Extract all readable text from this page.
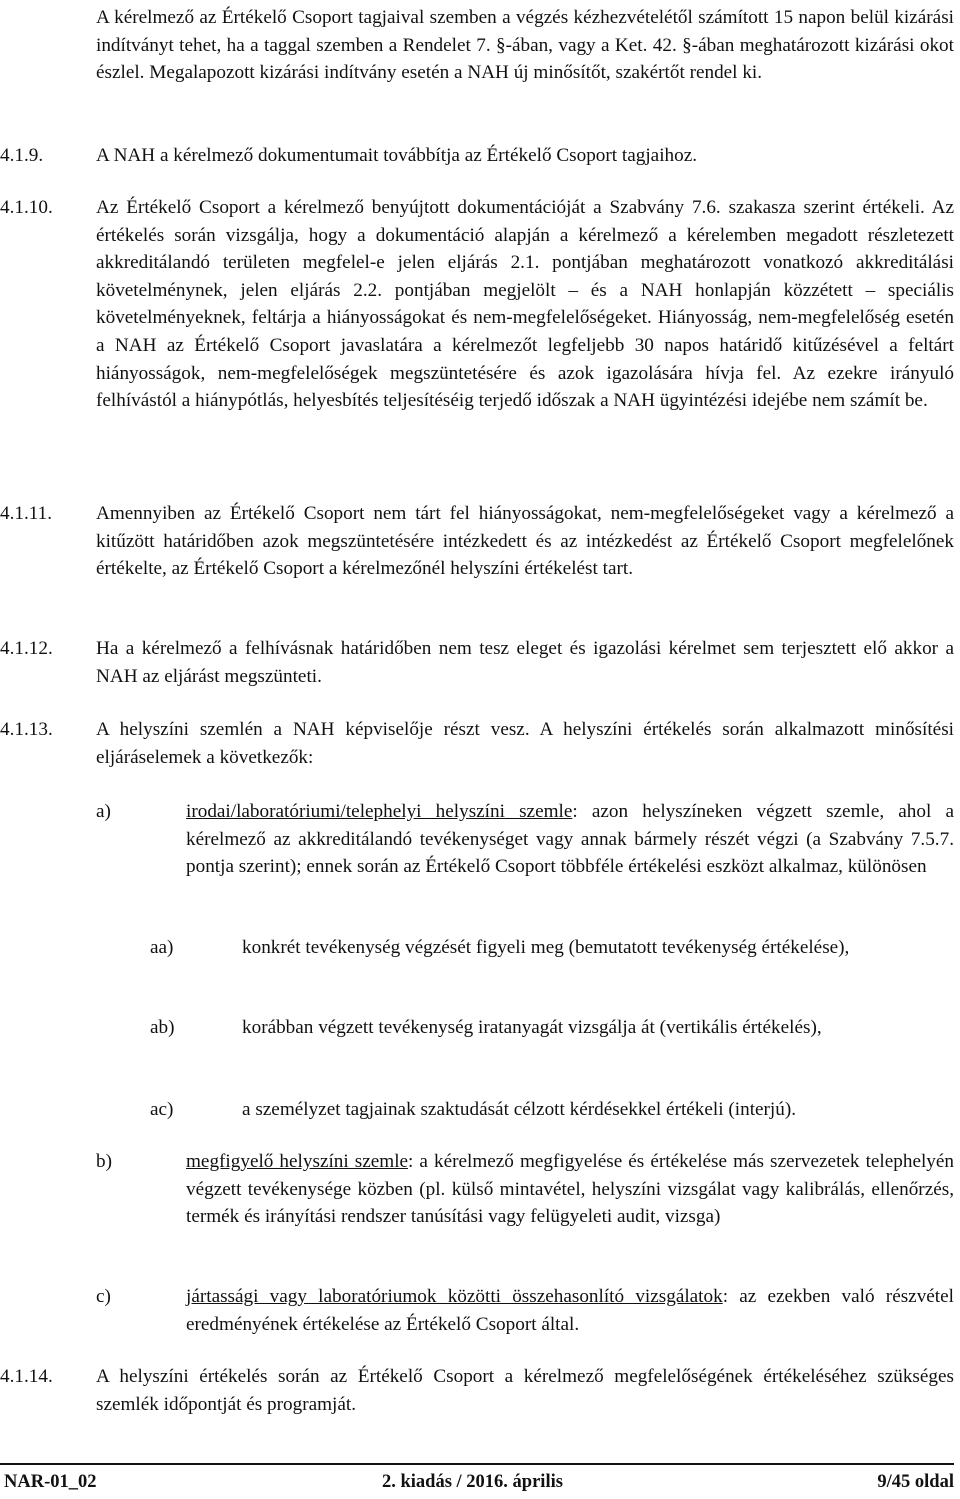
A kérelmező az Értékelő Csoport tagjaival szemben a végzés kézhezvételétől számított 15 napon belül kizárási indítványt tehet, ha a taggal szemben a Rendelet 7. §-ában, vagy a Ket. 42. §-ában meghatározott kizárási okot észlel. Megalapozott kizárási indítvány esetén a NAH új minősítőt, szakértőt rendel ki.
4.1.9.	A NAH a kérelmező dokumentumait továbbítja az Értékelő Csoport tagjaihoz.
4.1.10. Az Értékelő Csoport a kérelmező benyújtott dokumentációját a Szabvány 7.6. szakasza szerint értékeli. Az értékelés során vizsgálja, hogy a dokumentáció alapján a kérelmező a kérelemben megadott részletezett akkreditálandó területen megfelel-e jelen eljárás 2.1. pontjában meghatározott vonatkozó akkreditálási követelménynek, jelen eljárás 2.2. pontjában megjelölt – és a NAH honlapján közzétett – speciális követelményeknek, feltárja a hiányosságokat és nem-megfelelőségeket. Hiányosság, nem-megfelelőség esetén a NAH az Értékelő Csoport javaslatára a kérelmezőt legfeljebb 30 napos határidő kitűzésével a feltárt hiányosságok, nem-megfelelőségek megszüntetésére és azok igazolására hívja fel. Az ezekre irányuló felhívástól a hiánypótlás, helyesbítés teljesítéséig terjedő időszak a NAH ügyintézési idejébe nem számít be.
4.1.11. Amennyiben az Értékelő Csoport nem tárt fel hiányosságokat, nem-megfelelőségeket vagy a kérelmező a kitűzött határidőben azok megszüntetésére intézkedett és az intézkedést az Értékelő Csoport megfelelőnek értékelte, az Értékelő Csoport a kérelmezőnél helyszíni értékelést tart.
4.1.12. Ha a kérelmező a felhívásnak határidőben nem tesz eleget és igazolási kérelmet sem terjesztett elő akkor a NAH az eljárást megszünteti.
4.1.13. A helyszíni szemlén a NAH képviselője részt vesz. A helyszíni értékelés során alkalmazott minősítési eljáráselemek a következők:
a)	irodai/laboratóriumi/telephelyi helyszíni szemle: azon helyszíneken végzett szemle, ahol a kérelmező az akkreditálandó tevékenységet vagy annak bármely részét végzi (a Szabvány 7.5.7. pontja szerint); ennek során az Értékelő Csoport többféle értékelési eszközt alkalmaz, különösen
aa)	konkrét tevékenység végzését figyeli meg (bemutatott tevékenység értékelése),
ab)	korábban végzett tevékenység iratanyagát vizsgálja át (vertikális értékelés),
ac)	a személyzet tagjainak szaktudását célzott kérdésekkel értékeli (interjú).
b)	megfigyelő helyszíni szemle: a kérelmező megfigyelése és értékelése más szervezetek telephelyén végzett tevékenysége közben (pl. külső mintavétel, helyszíni vizsgálat vagy kalibrálás, ellenőrzés, termék és irányítási rendszer tanúsítási vagy felügyeleti audit, vizsga)
c)	jártassági vagy laboratóriumok közötti összehasonlító vizsgálatok: az ezekben való részvétel eredményének értékelése az Értékelő Csoport által.
4.1.14. A helyszíni értékelés során az Értékelő Csoport a kérelmező megfelelőségének értékeléséhez szükséges szemlék időpontját és programját.
NAR-01_02	2. kiadás / 2016. április	9/45 oldal
